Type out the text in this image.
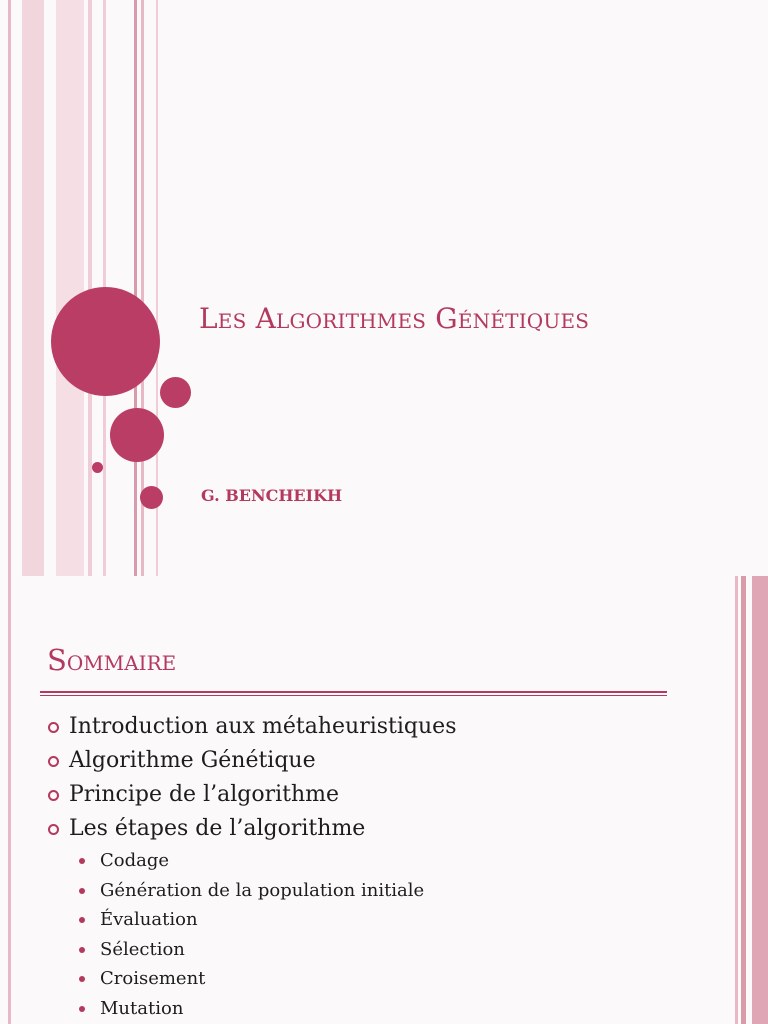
Les Algorithmes Génétiques
G. BENCHEIKH
Sommaire
Introduction aux métaheuristiques
Algorithme Génétique
Principe de l’algorithme
Les étapes de l’algorithme
Codage
Génération de la population initiale
Évaluation
Sélection
Croisement
Mutation
